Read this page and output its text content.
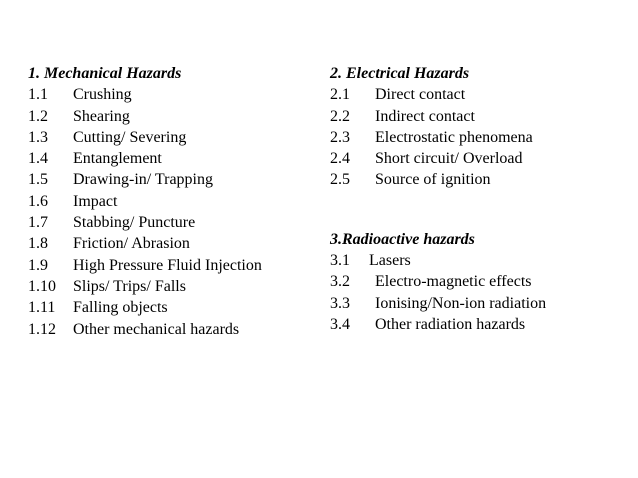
1. Mechanical Hazards
1.1 Crushing
1.2 Shearing
1.3 Cutting/ Severing
1.4 Entanglement
1.5 Drawing-in/ Trapping
1.6 Impact
1.7 Stabbing/ Puncture
1.8 Friction/ Abrasion
1.9 High Pressure Fluid Injection
1.10 Slips/ Trips/ Falls
1.11 Falling objects
1.12 Other mechanical hazards
2. Electrical Hazards
2.1 Direct contact
2.2 Indirect contact
2.3 Electrostatic phenomena
2.4 Short circuit/ Overload
2.5 Source of ignition
3.Radioactive hazards
3.1 Lasers
3.2 Electro-magnetic effects
3.3 Ionising/Non-ion radiation
3.4 Other radiation hazards
